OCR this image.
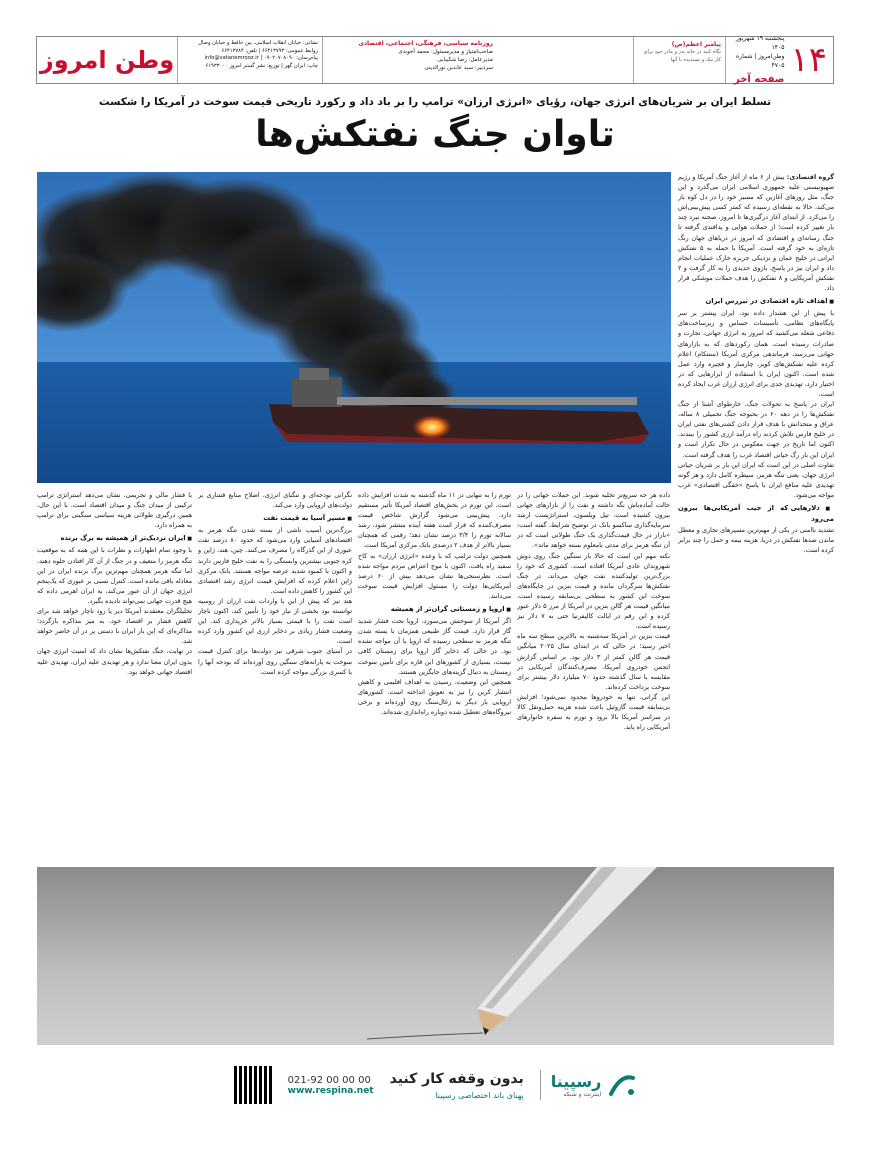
۱۴
پنجشنبه ۱۹ شهریور ۱۴۰۵
وطن‌امروز | شماره ۴۷۰۵
صفحه آخر
پیامبر اعظم(ص)
نگاه کنید در خانه پدر و مادر خود برای کار نیک و پسندیده با آنها
روزنامه سیاسی، فرهنگی، اجتماعی، اقتصادی
صاحب‌امتیاز و مدیرمسئول: محمد آخوندی
مدیرعامل: رضا شکیبایی
سردبیر: سید عابدین نورالدینی
نشانی: خیابان انقلاب اسلامی، بین حافظ و خیابان وصال
روابط عمومی: ۶۶۴۱۳۷۹۳ | تلفن: ۶۶۴۱۳۷۸۴
پیام‌رسان: ۰۹۰۲۰۷۰۸۰۹۰ | info@vatanemrooz.ir
چاپ: ایران گهر | توزیع: نشر گستر امروز ۶۱۹۳۳۰۰۰
وطن امروز
تسلط ایران بر شریان‌های انرژی جهان، رؤیای «انرژی ارزان» ترامپ را بر باد داد و رکورد تاریخی قیمت سوخت در آمریکا را شکست
تاوان جنگ نفتکش‌ها
گروه اقتصادی: بیش از ۶ ماه از آغاز جنگ آمریکا و رژیم صهیونیستی علیه جمهوری اسلامی ایران می‌گذرد و این جنگ، مثل روزهای آغازین که مسیر خود را در دل کوه باز می‌کند، حالا به نقطه‌ای رسیده که کمتر کسی پیش‌بینی‌اش را می‌کرد. از ابتدای آغاز درگیری‌ها تا امروز، صحنه نبرد چند بار تغییر کرده است؛ از حملات هوایی و پدافندی گرفته تا جنگ رسانه‌ای و اقتصادی که امروز در دریاهای جهان رنگ تازه‌ای به خود گرفته است. آمریکا با حمله به ۵ نفتکش ایرانی در خلیج عمان و نزدیکی جزیره خارک عملیات انجام داد و ایران نیز در پاسخ، بازوی جدیدی را به کار گرفت و ۲ نفتکش آمریکایی و ۸ نفتکش را هدف حملات موشکی قرار داد.
■ اهداف تازه اقتصادی در تیررس ایران
با پیش از این هشدار داده بود، ایران پیشتر بر سر پایگاه‌های نظامی، تأسیسات حساس و زیرساخت‌های دفاعی شعله می‌کشید که امروز به انرژی جهانی، تجارت و صادرات رسیده است. همان رکوردهای که به بازارهای جهانی می‌رسد، فرماندهی مرکزی آمریکا (سنتکام) اعلام کرده علیه نفتکش‌های کویر، چارسار و فجیره وارد عمل شده است. اکنون ایران با استفاده از ابزارهایی که در اختیار دارد، تهدیدی جدی برای انرژی ارزان غرب ایجاد کرده است.

ایران در پاسخ به تحولات جنگ، خارطوای آشنا از جنگ نفتکش‌ها را در دهه ۶۰ در بحبوحه جنگ تحمیلی ۸ ساله، عراق و متحدانش با هدف قرار دادن کشتی‌های نفتی ایران در خلیج فارس تلاش کردند راه درآمد ارزی کشور را ببندند. اکنون اما تاریخ در جهت معکوس در حال تکرار است و ایران این بار رگ حیاتی اقتصاد غرب را هدف گرفته است.

تفاوت اصلی در این است که ایران این بار بر شریان حیاتی انرژی جهان، یعنی تنگه هرمز، سیطره کامل دارد و هر گونه تهدیدی علیه منافع ایران با پاسخ «خفگی اقتصادی» غرب مواجه می‌شود.

■ دلارهایی که از جیب آمریکایی‌ها بیرون می‌رود
تشدید ناامنی در یکی از مهم‌ترین مسیرهای تجاری و معطل ماندن صدها نفتکش در دریا، هزینه بیمه و حمل را چند برابر کرده است.

داده هر جه سریع‌تر تخلیه شوند. این حملات جهانی را در حالت آماده‌باش نگه داشته و نفت را از بازارهای جهانی بیرون کشیده است. تیل ویلسون، استراتژیست ارشد سرمایه‌گذاری ساکسو بانک در توضیح شرایط، گفته است: «بازار در حال قیمت‌گذاری یک جنگ طولانی است که در آن تنگه هرمز برای مدتی نامعلوم بسته خواهد ماند».

نکته مهم این است که حالا بار سنگین جنگ روی دوش شهروندان عادی آمریکا افتاده است. کشوری که خود را بزرگ‌ترین تولیدکننده نفت جهان می‌داند، در جنگ نفتکش‌ها سرگردان مانده و قیمت بنزین در جایگاه‌های سوخت این کشور به سطحی بی‌سابقه رسیده است. میانگین قیمت هر گالن بنزین در آمریکا از مرز ۵ دلار عبور کرده و این رقم در ایالت کالیفرنیا حتی به ۷ دلار نیز رسیده است.

قیمت بنزین در آمریکا سه‌شنبه به بالاترین سطح سه ماه اخیر رسید؛ در حالی که در ابتدای سال ۲۰۲۵ میانگین قیمت هر گالن کمتر از ۳ دلار بود. بر اساس گزارش انجمن خودروی آمریکا، مصرف‌کنندگان آمریکایی در مقایسه با سال گذشته حدود ۷۰ میلیارد دلار بیشتر برای سوخت پرداخت کرده‌اند.

این گرانی، تنها به خودروها محدود نمی‌شود؛ افزایش بی‌سابقه قیمت گازوئیل باعث شده هزینه حمل‌ونقل کالا در سراسر آمریکا بالا برود و تورم به سفره خانوارهای آمریکایی راه یابد.

تورم را به تنهایی در ۱۱ ماه گذشته به شدت افزایش داده است. این تورم در بخش‌های اقتصاد آمریکا تأثیر مستقیم دارد. پیش‌بینی می‌شود گزارش شاخص قیمت مصرف‌کننده که قرار است هفته آینده منتشر شود، رشد سالانه تورم را ۳/۴ درصد نشان دهد؛ رقمی که همچنان بسیار بالاتر از هدف ۲ درصدی بانک مرکزی آمریکا است.

همچنین دولت ترامپ که با وعده «انرژی ارزان» به کاخ سفید راه یافت، اکنون با موج اعتراض مردم مواجه شده است. نظرسنجی‌ها نشان می‌دهد بیش از ۶۰ درصد آمریکایی‌ها دولت را مسئول افزایش قیمت سوخت می‌دانند.

■ اروپا و زمستانی گران‌تر از همیشه

اگر آمریکا از سوختش می‌سوزد، اروپا تحت فشار شدید گاز قرار دارد. قیمت گاز طبیعی همزمان با بسته شدن تنگه هرمز به سطحی رسیده که اروپا با آن مواجه نشده بود. در حالی که ذخایر گاز اروپا برای زمستان کافی نیست، بسیاری از کشورهای این قاره برای تأمین سوخت زمستان به دنبال گزینه‌های جایگزین هستند.

همچنین این وضعیت، رسیدن به اهداف اقلیمی و کاهش انتشار کربن را نیز به تعویق انداخته است. کشورهای اروپایی بار دیگر به زغال‌سنگ روی آورده‌اند و برخی نیروگاه‌های تعطیل شده دوباره راه‌اندازی شده‌اند.

نگرانی بودجه‌ای و تنگنای انرژی، اصلاح منابع فشاری بر دولت‌های اروپایی وارد می‌کند.

■ مسیر آسیا به قیمت نفت

بزرگ‌ترین آسیب ناشی از بسته شدن تنگه هرمز به اقتصادهای آسیایی وارد می‌شود که حدود ۸۰ درصد نفت عبوری از این گذرگاه را مصرف می‌کنند. چین، هند، ژاپن و کره جنوبی بیشترین وابستگی را به نفت خلیج فارس دارند و اکنون با کمبود شدید عرضه مواجه هستند. بانک مرکزی ژاپن اعلام کرده که افزایش قیمت انرژی رشد اقتصادی این کشور را کاهش داده است.

هند نیز که پیش از این با واردات نفت ارزان از روسیه توانسته بود بخشی از نیاز خود را تأمین کند، اکنون ناچار است نفت را با قیمتی بسیار بالاتر خریداری کند. این وضعیت فشار زیادی بر ذخایر ارزی این کشور وارد کرده است.

در آسیای جنوب شرقی نیز دولت‌ها برای کنترل قیمت سوخت به یارانه‌های سنگین روی آورده‌اند که بودجه آنها را با کسری بزرگی مواجه کرده است.

با فشار مالی و تحریمی، نشان می‌دهد استراتژی ترامپ ترکیبی از میدان جنگ و میدان اقتصاد است. با این حال، همین درگیری طولانی هزینه سیاسی سنگینی برای ترامپ به همراه دارد.

■ ایران نزدیک‌تر از همیشه به برگ برنده

با وجود تمام اظهارات و نظرات با این همه که به موقعیت تنگه هرمز را متعیف و در جنگ از آن کار افتادن حلوه دهند، اما تنگه هرمز همچنان مهم‌ترین برگ برنده ایران در این معادله باقی مانده است. کنترل نسبی بر عبوری که یک‌پنجم انرژی جهان از آن عبور می‌کند، به ایران اهرمی داده که هیچ قدرت جهانی نمی‌تواند نادیده بگیرد.

تحلیلگران معتقدند آمریکا دیر یا زود ناچار خواهد شد برای کاهش فشار بر اقتصاد خود، به میز مذاکره بازگردد؛ مذاکره‌ای که این بار ایران با دستی پر در آن حاضر خواهد شد.

در نهایت، جنگ نفتکش‌ها نشان داد که امنیت انرژی جهان بدون ایران معنا ندارد و هر تهدیدی علیه ایران، تهدیدی علیه اقتصاد جهانی خواهد بود.

021-92 00 00 00
www.respina.net
بدون وقفه کار کنید
پهنای باند اختصاصی رسپینا
رسپینا
اینترنت و شبکه
